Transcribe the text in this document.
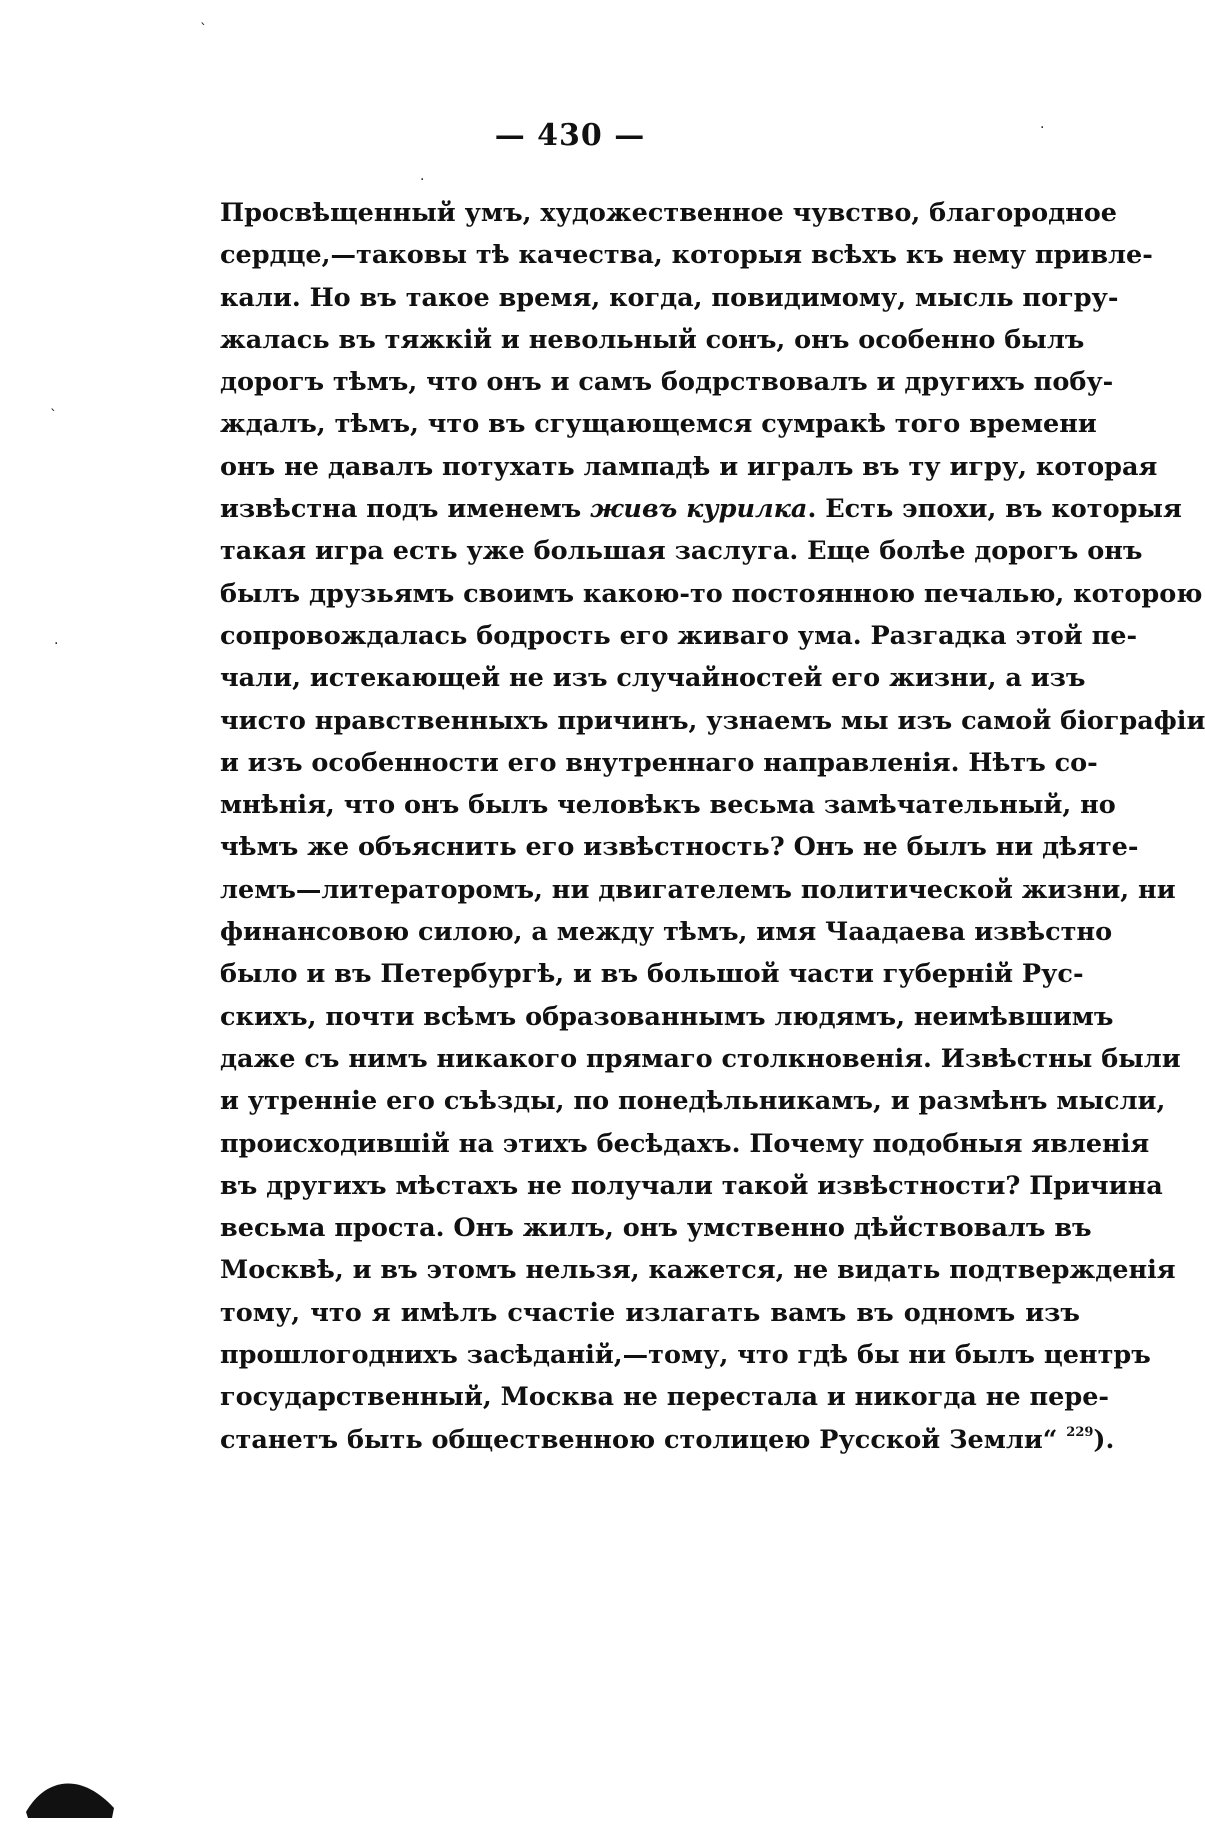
— 430 —
Просвѣщенный умъ, художественное чувство, благородное
сердце,—таковы тѣ качества, которыя всѣхъ къ нему привле-
кали. Но въ такое время, когда, повидимому, мысль погру-
жалась въ тяжкій и невольный сонъ, онъ особенно былъ
дорогъ тѣмъ, что онъ и самъ бодрствовалъ и другихъ побу-
ждалъ, тѣмъ, что въ сгущающемся сумракѣ того времени
онъ не давалъ потухать лампадѣ и игралъ въ ту игру, которая
извѣстна подъ именемъ живъ курилка. Есть эпохи, въ которыя
такая игра есть уже большая заслуга. Еще болѣе дорогъ онъ
былъ друзьямъ своимъ какою-то постоянною печалью, которою
сопровождалась бодрость его живаго ума. Разгадка этой пе-
чали, истекающей не изъ случайностей его жизни, а изъ
чисто нравственныхъ причинъ, узнаемъ мы изъ самой біографіи
и изъ особенности его внутреннаго направленія. Нѣтъ со-
мнѣнія, что онъ былъ человѣкъ весьма замѣчательный, но
чѣмъ же объяснить его извѣстность? Онъ не былъ ни дѣяте-
лемъ—литераторомъ, ни двигателемъ политической жизни, ни
финансовою силою, а между тѣмъ, имя Чаадаева извѣстно
было и въ Петербургѣ, и въ большой части губерній Рус-
скихъ, почти всѣмъ образованнымъ людямъ, неимѣвшимъ
даже съ нимъ никакого прямаго столкновенія. Извѣстны были
и утренніе его съѣзды, по понедѣльникамъ, и размѣнъ мысли,
происходившій на этихъ бесѣдахъ. Почему подобныя явленія
въ другихъ мѣстахъ не получали такой извѣстности? Причина
весьма проста. Онъ жилъ, онъ умственно дѣйствовалъ въ
Москвѣ, и въ этомъ нельзя, кажется, не видать подтвержденія
тому, что я имѣлъ счастіе излагать вамъ въ одномъ изъ
прошлогоднихъ засѣданій,—тому, что гдѣ бы ни былъ центръ
государственный, Москва не перестала и никогда не пере-
станетъ быть общественною столицею Русской Земли“ $^{229}$).
ˋ
·
ˋ
·
·
